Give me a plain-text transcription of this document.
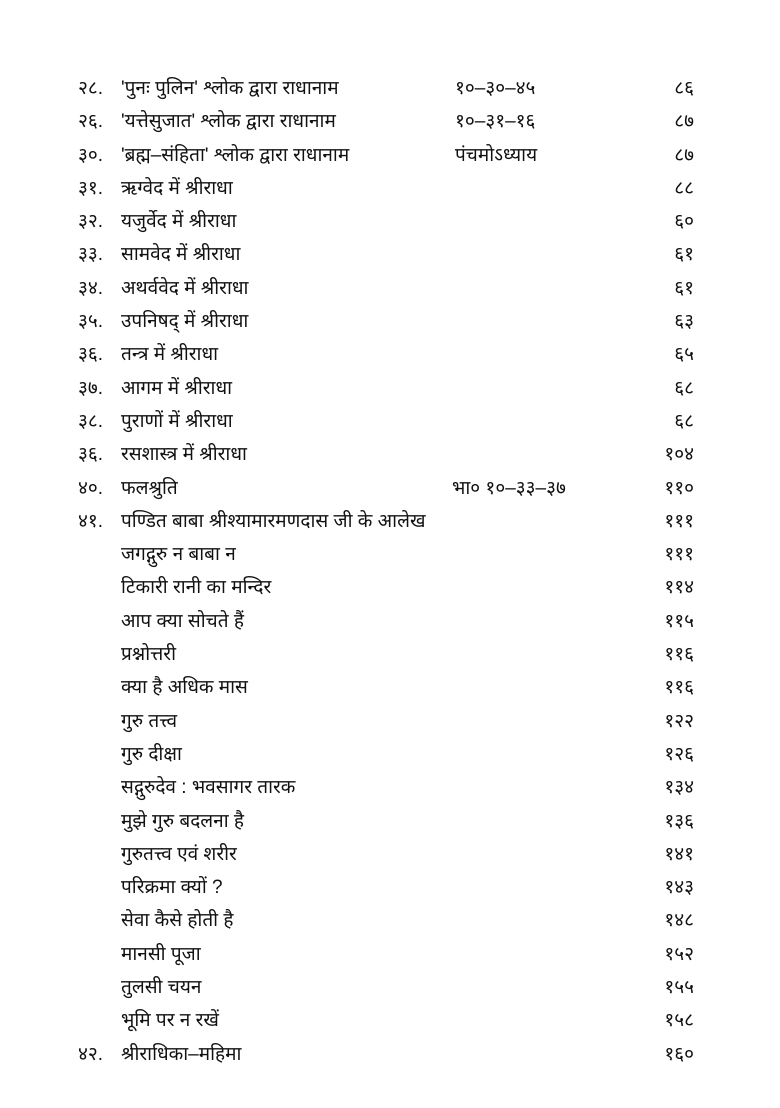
२८. 'पुनः पुलिन' श्लोक द्वारा राधानाम	१०–३०–४५	८६
२६. 'यत्तेसुजात' श्लोक द्वारा राधानाम	१०–३१–१६	८७
३०. 'ब्रह्म–संहिता' श्लोक द्वारा राधानाम	पंचमोऽध्याय	८७
३१. ऋग्वेद में श्रीराधा	८८
३२. यजुर्वेद में श्रीराधा	६०
३३. सामवेद में श्रीराधा	६१
३४. अथर्ववेद में श्रीराधा	६१
३५. उपनिषद् में श्रीराधा	६३
३६. तन्त्र में श्रीराधा	६५
३७. आगम में श्रीराधा	६८
३८. पुराणों में श्रीराधा	६८
३६. रसशास्त्र में श्रीराधा	१०४
४०. फलश्रुति	भा० १०–३३–३७	११०
४१. पण्डित बाबा श्रीश्यामारमणदास जी के आलेख	१११
जगद्गुरु न बाबा न	१११
टिकारी रानी का मन्दिर	११४
आप क्या सोचते हैं	११५
प्रश्नोत्तरी	११६
क्या है अधिक मास	११६
गुरु तत्त्व	१२२
गुरु दीक्षा	१२६
सद्गुरुदेव : भवसागर तारक	१३४
मुझे गुरु बदलना है	१३६
गुरुतत्त्व एवं शरीर	१४१
परिक्रमा क्यों ?	१४३
सेवा कैसे होती है	१४८
मानसी पूजा	१५२
तुलसी चयन	१५५
भूमि पर न रखें	१५८
४२. श्रीराधिका–महिमा	१६०
